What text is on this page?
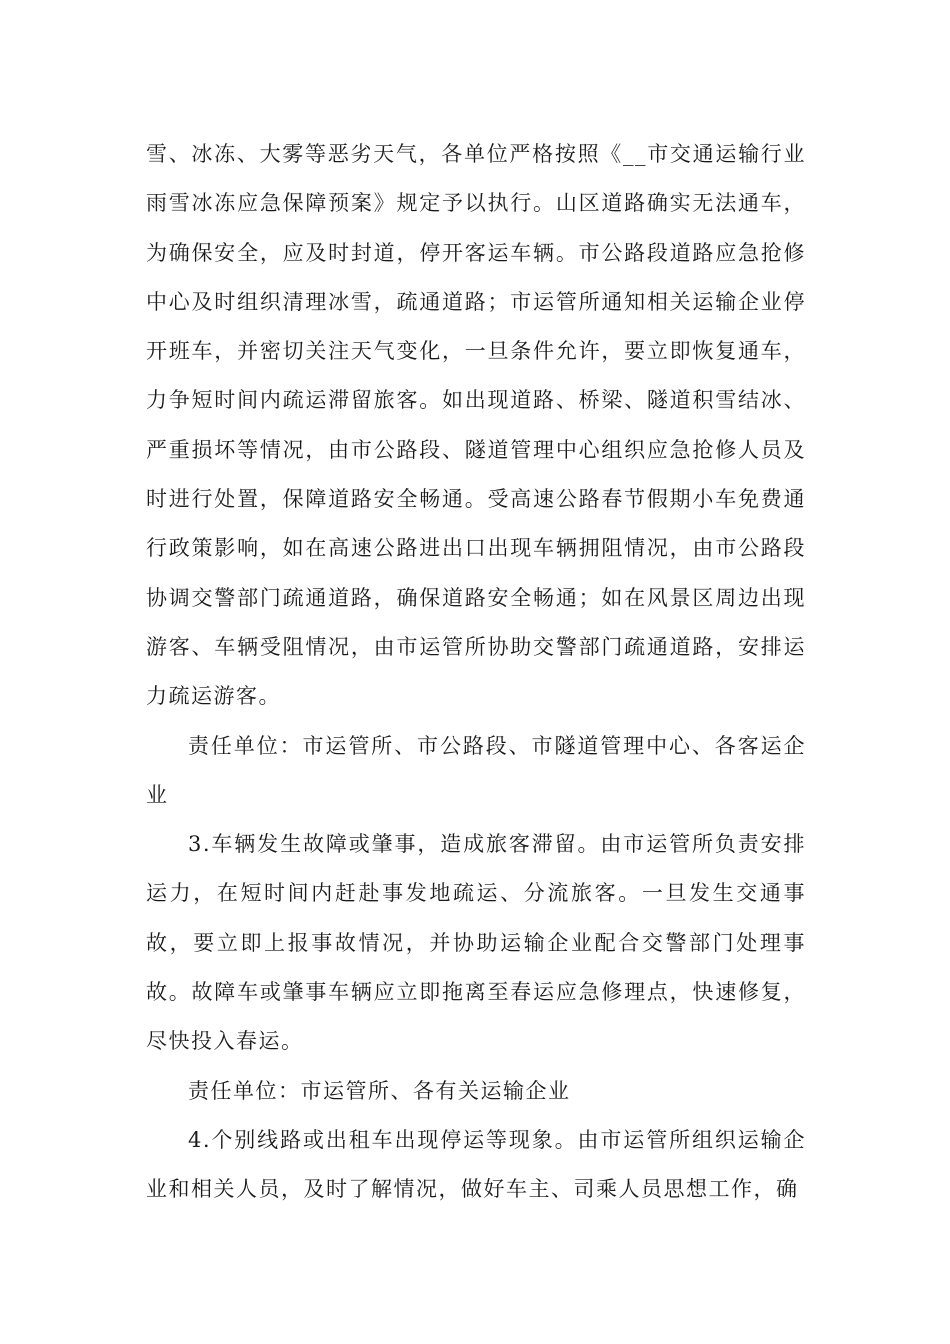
雪、冰冻、大雾等恶劣天气，各单位严格按照《__市交通运输行业雨雪冰冻应急保障预案》规定予以执行。山区道路确实无法通车，为确保安全，应及时封道，停开客运车辆。市公路段道路应急抢修中心及时组织清理冰雪，疏通道路；市运管所通知相关运输企业停开班车，并密切关注天气变化，一旦条件允许，要立即恢复通车，力争短时间内疏运滞留旅客。如出现道路、桥梁、隧道积雪结冰、严重损坏等情况，由市公路段、隧道管理中心组织应急抢修人员及时进行处置，保障道路安全畅通。受高速公路春节假期小车免费通行政策影响，如在高速公路进出口出现车辆拥阻情况，由市公路段协调交警部门疏通道路，确保道路安全畅通；如在风景区周边出现游客、车辆受阻情况，由市运管所协助交警部门疏通道路，安排运力疏运游客。

责任单位：市运管所、市公路段、市隧道管理中心、各客运企业

3.车辆发生故障或肇事，造成旅客滞留。由市运管所负责安排运力，在短时间内赶赴事发地疏运、分流旅客。一旦发生交通事故，要立即上报事故情况，并协助运输企业配合交警部门处理事故。故障车或肇事车辆应立即拖离至春运应急修理点，快速修复，尽快投入春运。

责任单位：市运管所、各有关运输企业

4.个别线路或出租车出现停运等现象。由市运管所组织运输企业和相关人员，及时了解情况，做好车主、司乘人员思想工作，确
